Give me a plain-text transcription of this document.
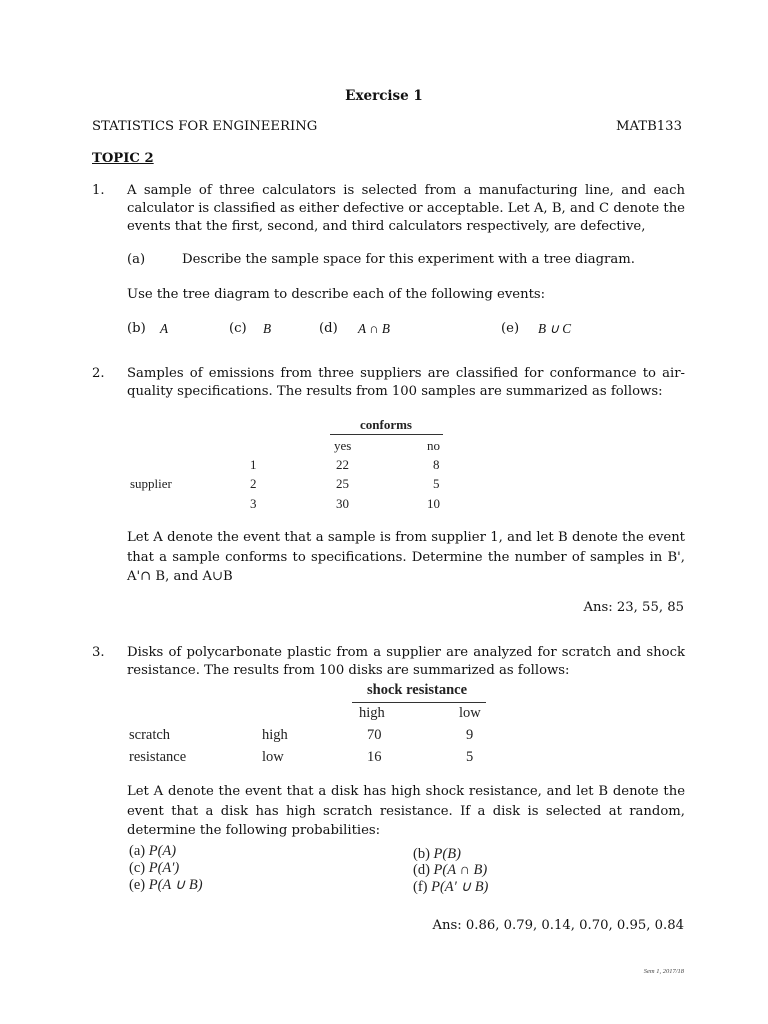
Exercise 1
STATISTICS FOR ENGINEERING	MATB133
TOPIC 2
1. A sample of three calculators is selected from a manufacturing line, and each calculator is classified as either defective or acceptable. Let A, B, and C denote the events that the first, second, and third calculators respectively, are defective,
(a)	Describe the sample space for this experiment with a tree diagram.
Use the tree diagram to describe each of the following events:
(b) A	(c) B	(d) A ∩ B	(e) B ∪ C
2. Samples of emissions from three suppliers are classified for conformance to air-quality specifications. The results from 100 samples are summarized as follows:
conforms
yes	no
supplier
1	22	8
2	25	5
3	30	10
Let A denote the event that a sample is from supplier 1, and let B denote the event that a sample conforms to specifications. Determine the number of samples in B', A'∩ B, and A∪B
Ans: 23, 55, 85
3. Disks of polycarbonate plastic from a supplier are analyzed for scratch and shock resistance. The results from 100 disks are summarized as follows:
shock resistance
high	low
scratch
resistance
high	70	9
low	16	5
Let A denote the event that a disk has high shock resistance, and let B denote the event that a disk has high scratch resistance. If a disk is selected at random, determine the following probabilities:
(a) P(A)	(b) P(B)
(c) P(A′)	(d) P(A ∩ B)
(e) P(A ∪ B)	(f) P(A′ ∪ B)
Ans: 0.86, 0.79, 0.14, 0.70, 0.95, 0.84
Sem 1, 2017/18
